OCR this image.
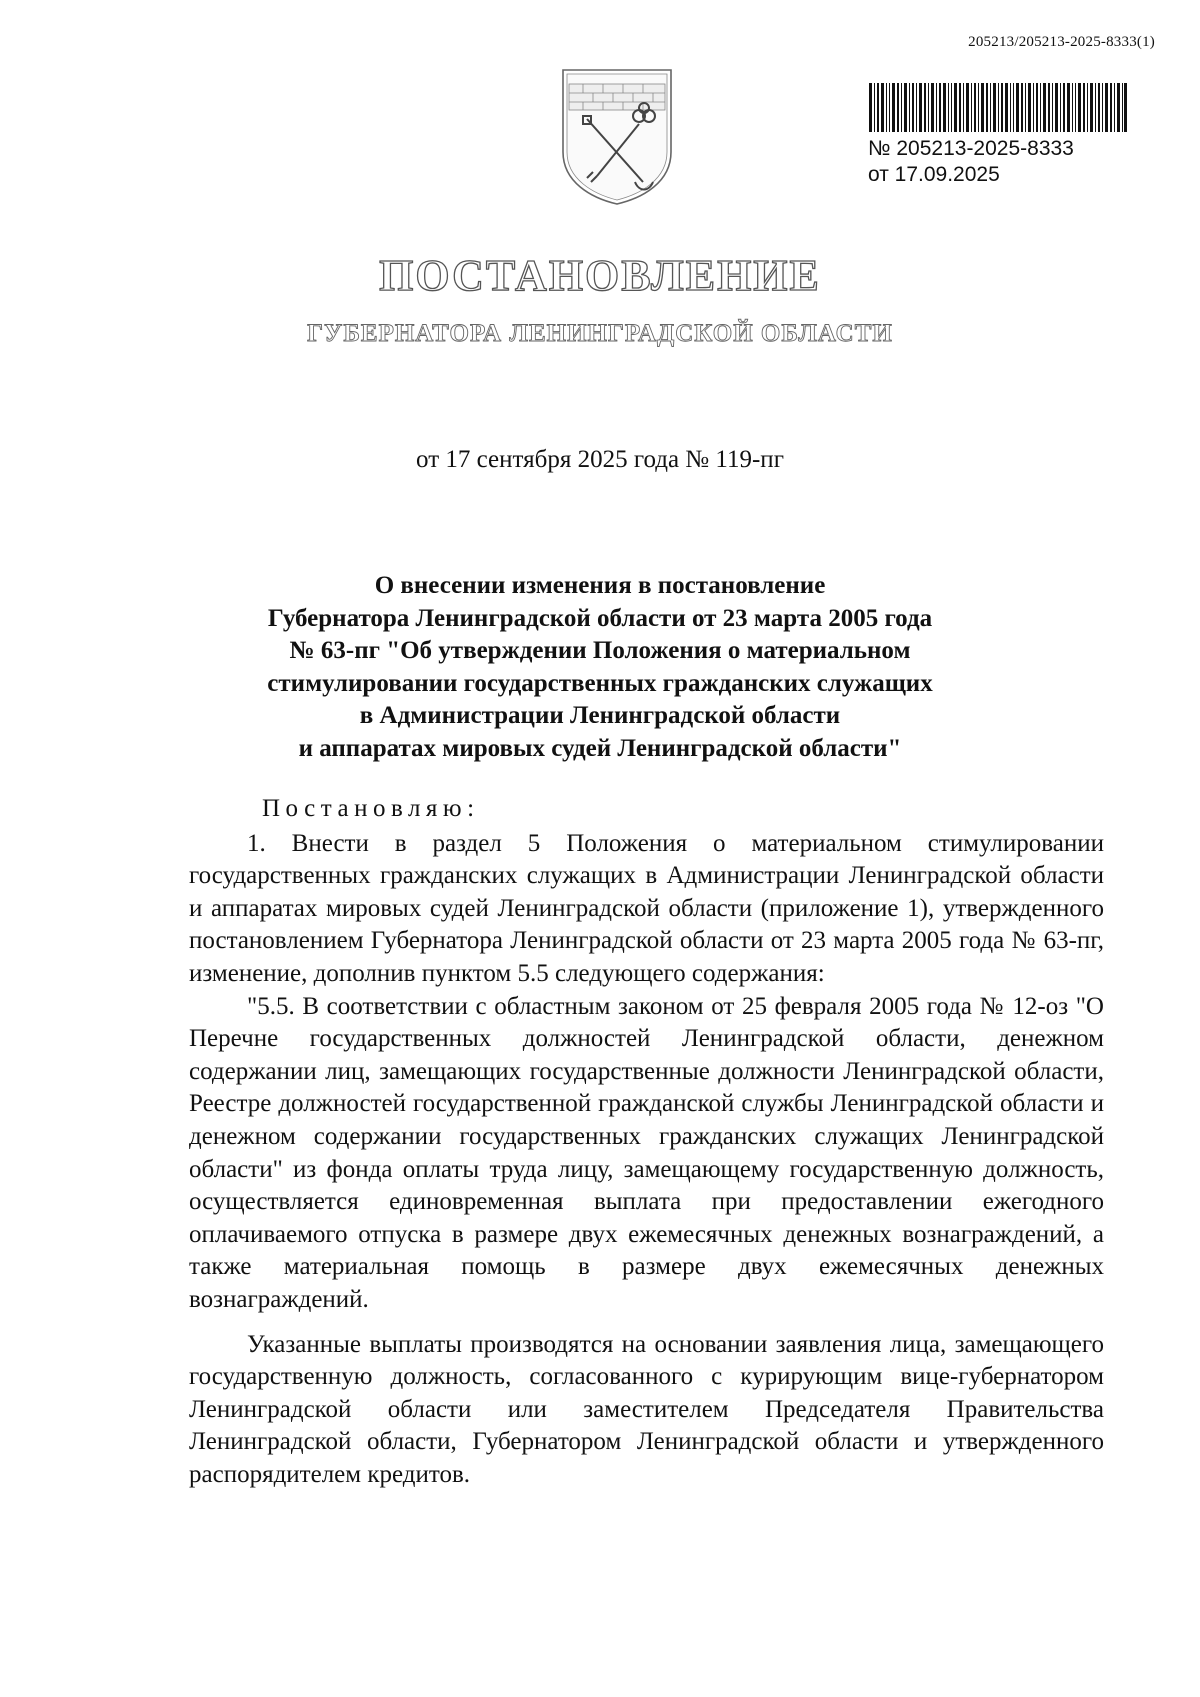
205213/205213-2025-8333(1)
№ 205213-2025-8333
от 17.09.2025
ПОСТАНОВЛЕНИЕ
ГУБЕРНАТОРА ЛЕНИНГРАДСКОЙ ОБЛАСТИ
от 17 сентября 2025 года № 119-пг
О внесении изменения в постановление
Губернатора Ленинградской области от 23 марта 2005 года
№ 63-пг "Об утверждении Положения о материальном
стимулировании государственных гражданских служащих
в Администрации Ленинградской области
и аппаратах мировых судей Ленинградской области"
Постановляю:

1. Внести в раздел 5 Положения о материальном стимулировании государственных гражданских служащих в Администрации Ленинградской области и аппаратах мировых судей Ленинградской области (приложение 1), утвержденного постановлением Губернатора Ленинградской области от 23 марта 2005 года № 63-пг, изменение, дополнив пунктом 5.5 следующего содержания:

"5.5. В соответствии с областным законом от 25 февраля 2005 года № 12-оз "О Перечне государственных должностей Ленинградской области, денежном содержании лиц, замещающих государственные должности Ленинградской области, Реестре должностей государственной гражданской службы Ленинградской области и денежном содержании государственных гражданских служащих Ленинградской области" из фонда оплаты труда лицу, замещающему государственную должность, осуществляется единовременная выплата при предоставлении ежегодного оплачиваемого отпуска в размере двух ежемесячных денежных вознаграждений, а также материальная помощь в размере двух ежемесячных денежных вознаграждений.

Указанные выплаты производятся на основании заявления лица, замещающего государственную должность, согласованного с курирующим вице-губернатором Ленинградской области или заместителем Председателя Правительства Ленинградской области, Губернатором Ленинградской области и утвержденного распорядителем кредитов.
